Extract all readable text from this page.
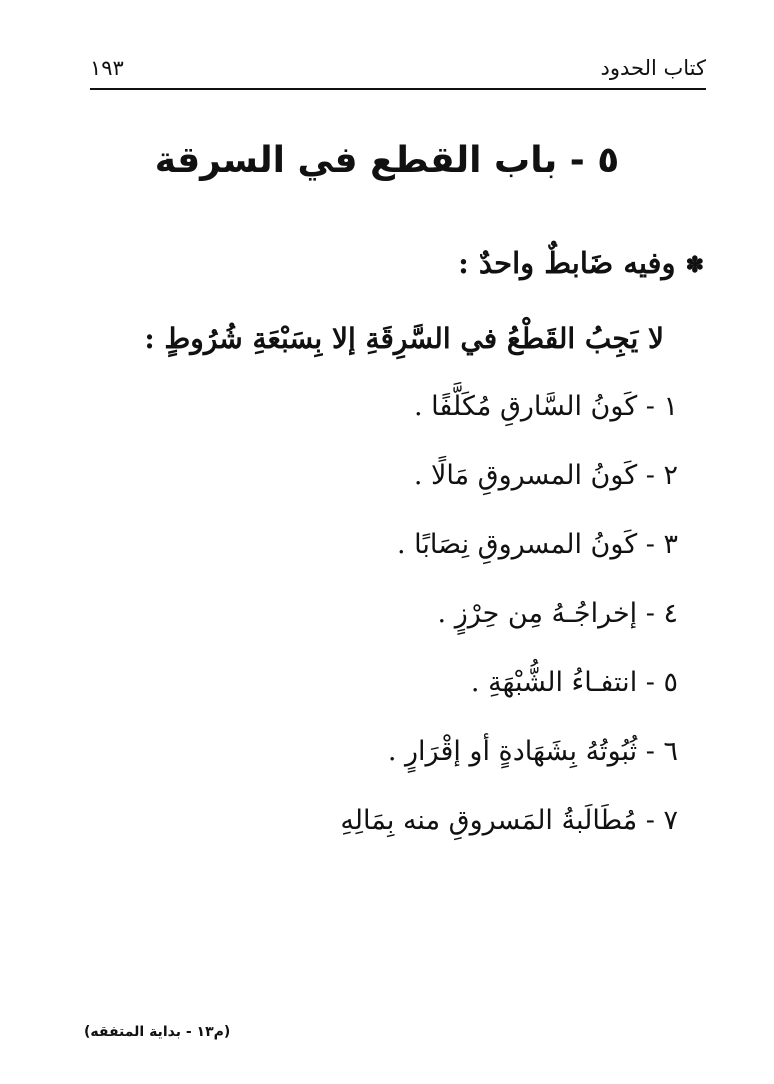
كتاب الحدود
١٩٣
٥ - باب القطع في السرقة
✽وفيه ضَابطٌ واحدٌ :
لا يَجِبُ القَطْعُ في السَّرِقَةِ إلا بِسَبْعَةِ شُرُوطٍ :
١ - كَونُ السَّارقِ مُكَلَّفًا .
٢ - كَونُ المسروقِ مَالًا .
٣ - كَونُ المسروقِ نِصَابًا .
٤ - إخراجُـهُ مِن حِرْزٍ .
٥ - انتفـاءُ الشُّبْهَةِ .
٦ - ثُبُوتُهُ بِشَهَادةٍ أو إقْرَارٍ .
٧ - مُطَالَبةُ المَسروقِ منه بِمَالِهِ
(م١٣ - بداية المتفقه)
